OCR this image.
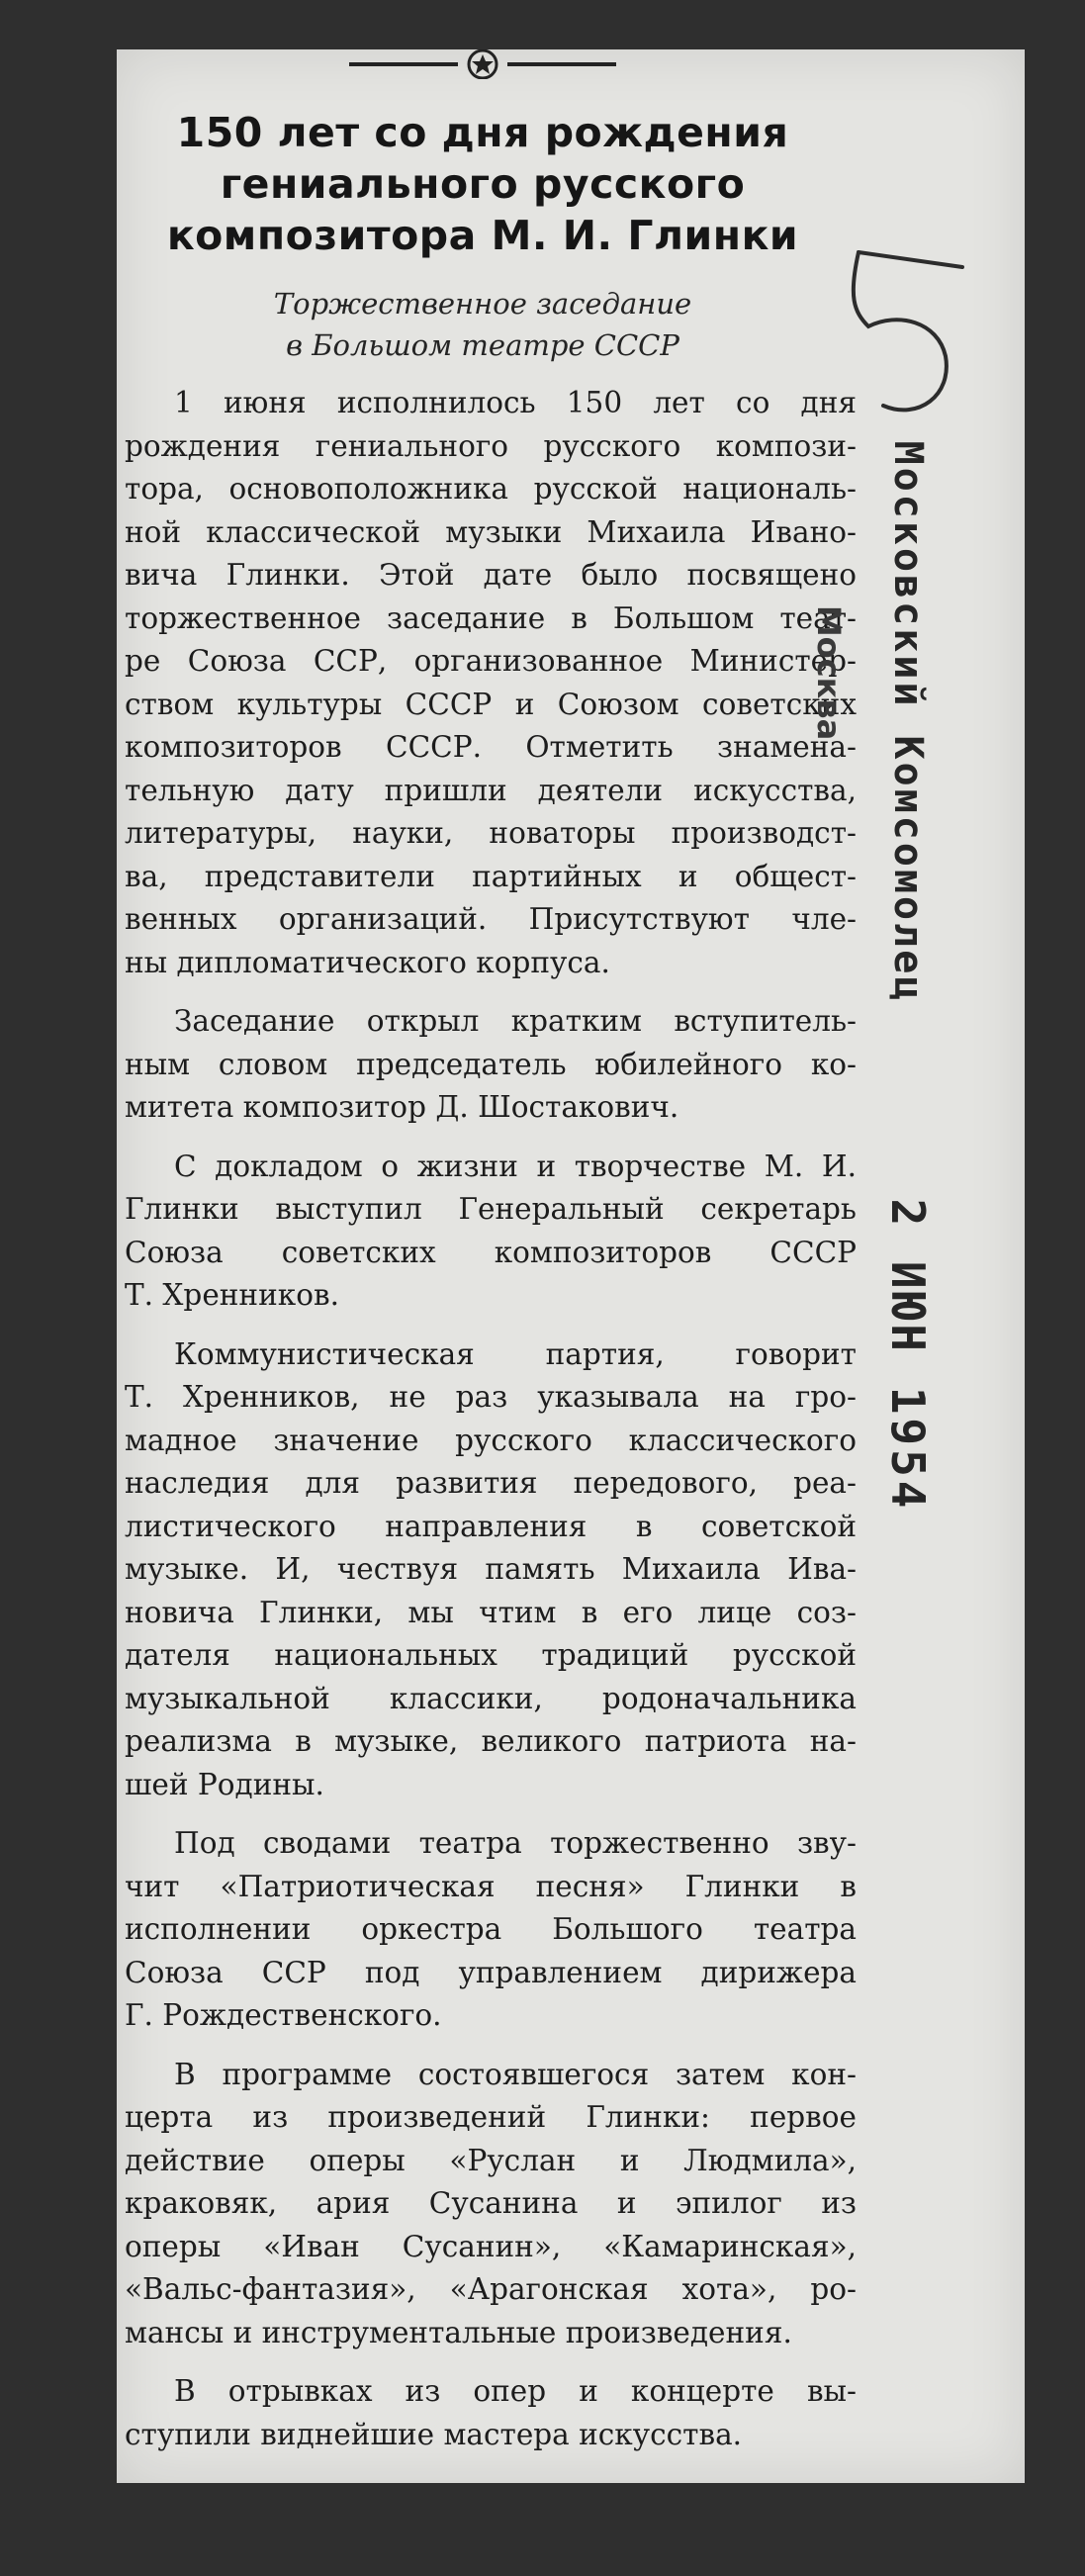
150 лет со дня рождения
гениального русского
композитора М. И. Глинки
Торжественное заседание
в Большом театре СССР
1 июня исполнилось 150 лет со дня
рождения гениального русского компози-
тора, основоположника русской националь-
ной классической музыки Михаила Ивано-
вича Глинки. Этой дате было посвящено
торжественное заседание в Большом теат-
ре Союза ССР, организованное Министер-
ством культуры СССР и Союзом советских
композиторов СССР. Отметить знамена-
тельную дату пришли деятели искусства,
литературы, науки, новаторы производст-
ва, представители партийных и общест-
венных организаций. Присутствуют чле-
ны дипломатического корпуса.
Заседание открыл кратким вступитель-
ным словом председатель юбилейного ко-
митета композитор Д. Шостакович.
С докладом о жизни и творчестве М. И.
Глинки выступил Генеральный секретарь
Союза советских композиторов СССР
Т. Хренников.
Коммунистическая партия, говорит
Т. Хренников, не раз указывала на гро-
мадное значение русского классического
наследия для развития передового, реа-
листического направления в советской
музыке. И, чествуя память Михаила Ива-
новича Глинки, мы чтим в его лице соз-
дателя национальных традиций русской
музыкальной классики, родоначальника
реализма в музыке, великого патриота на-
шей Родины.
Под сводами театра торжественно зву-
чит «Патриотическая песня» Глинки в
исполнении оркестра Большого театра
Союза ССР под управлением дирижера
Г. Рождественского.
В программе состоявшегося затем кон-
церта из произведений Глинки: первое
действие оперы «Руслан и Людмила»,
краковяк, ария Сусанина и эпилог из
оперы «Иван Сусанин», «Камаринская»,
«Вальс-фантазия», «Арагонская хота», ро-
мансы и инструментальные произведения.
В отрывках из опер и концерте вы-
ступили виднейшие мастера искусства.
Москва Московский Комсомолец
2 ИЮН 1954
